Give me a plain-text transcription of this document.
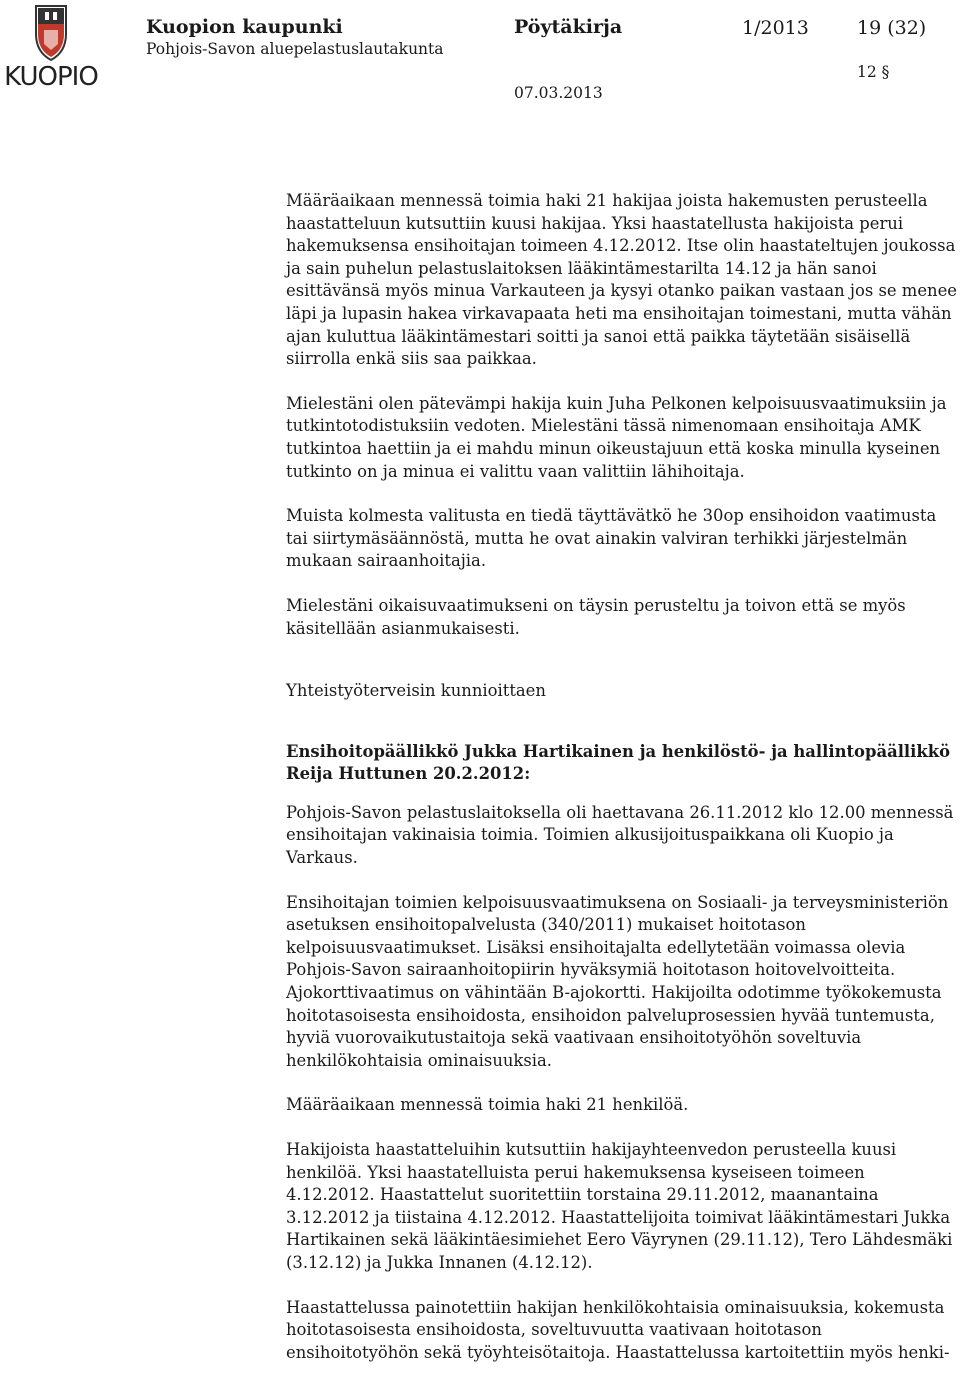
KUOPIO
Kuopion kaupunki
Pohjois-Savon aluepelastuslautakunta
Pöytäkirja	1/2013	19 (32)
12 §
07.03.2013

Määräaikaan mennessä toimia haki 21 hakijaa joista hakemusten perusteella haastatteluun kutsuttiin kuusi hakijaa. Yksi haastatellusta hakijoista perui hakemuksensa ensihoitajan toimeen 4.12.2012. Itse olin haastateltujen joukossa ja sain puhelun pelastuslaitoksen lääkintämestarilta 14.12 ja hän sanoi esittävänsä myös minua Varkauteen ja kysyi otanko paikan vastaan jos se menee läpi ja lupasin hakea virkavapaata heti ma ensihoitajan toimestani, mutta vähän ajan kuluttua lääkintämestari soitti ja sanoi että paikka täytetään sisäisellä siirrolla enkä siis saa paikkaa.

Mielestäni olen pätevämpi hakija kuin Juha Pelkonen kelpoisuusvaatimuksiin ja tutkintotodistuksiin vedoten. Mielestäni tässä nimenomaan ensihoitaja AMK tutkintoa haettiin ja ei mahdu minun oikeustajuun että koska minulla kyseinen tutkinto on ja minua ei valittu vaan valittiin lähihoitaja.

Muista kolmesta valitusta en tiedä täyttävätkö he 30op ensihoidon vaatimusta tai siirtymäsäännöstä, mutta he ovat ainakin valviran terhikki järjestelmän mukaan sairaanhoitajia.

Mielestäni oikaisuvaatimukseni on täysin perusteltu ja toivon että se myös käsitellään asianmukaisesti.

Yhteistyöterveisin kunnioittaen

Ensihoitopäällikkö Jukka Hartikainen ja henkilöstö- ja hallintopäällikkö Reija Huttunen 20.2.2012:

Pohjois-Savon pelastuslaitoksella oli haettavana 26.11.2012 klo 12.00 mennessä ensihoitajan vakinaisia toimia. Toimien alkusijoituspaikkana oli Kuopio ja Varkaus.

Ensihoitajan toimien kelpoisuusvaatimuksena on Sosiaali- ja terveysministeriön asetuksen ensihoitopalvelusta (340/2011) mukaiset hoitotason kelpoisuusvaatimukset. Lisäksi ensihoitajalta edellytetään voimassa olevia Pohjois-Savon sairaanhoitopiirin hyväksymiä hoitotason hoitovelvoitteita. Ajokorttivaatimus on vähintään B-ajokortti. Hakijoilta odotimme työkokemusta hoitotasoisesta ensihoidosta, ensihoidon palveluprosessien hyvää tuntemusta, hyviä vuorovaikutustaitoja sekä vaativaan ensihoitotyöhön soveltuvia henkilökohtaisia ominaisuuksia.

Määräaikaan mennessä toimia haki 21 henkilöä.

Hakijoista haastatteluihin kutsuttiin hakijayhteenvedon perusteella kuusi henkilöä. Yksi haastatelluista perui hakemuksensa kyseiseen toimeen 4.12.2012. Haastattelut suoritettiin torstaina 29.11.2012, maanantaina 3.12.2012 ja tiistaina 4.12.2012. Haastattelijoita toimivat lääkintämestari Jukka Hartikainen sekä lääkintäesimiehet Eero Väyrynen (29.11.12), Tero Lähdesmäki (3.12.12) ja Jukka Innanen (4.12.12).

Haastattelussa painotettiin hakijan henkilökohtaisia ominaisuuksia, kokemusta hoitotasoisesta ensihoidosta, soveltuvuutta vaativaan hoitotason ensihoitotyöhön sekä työyhteisötaitoja. Haastattelussa kartoitettiin myös henki-
